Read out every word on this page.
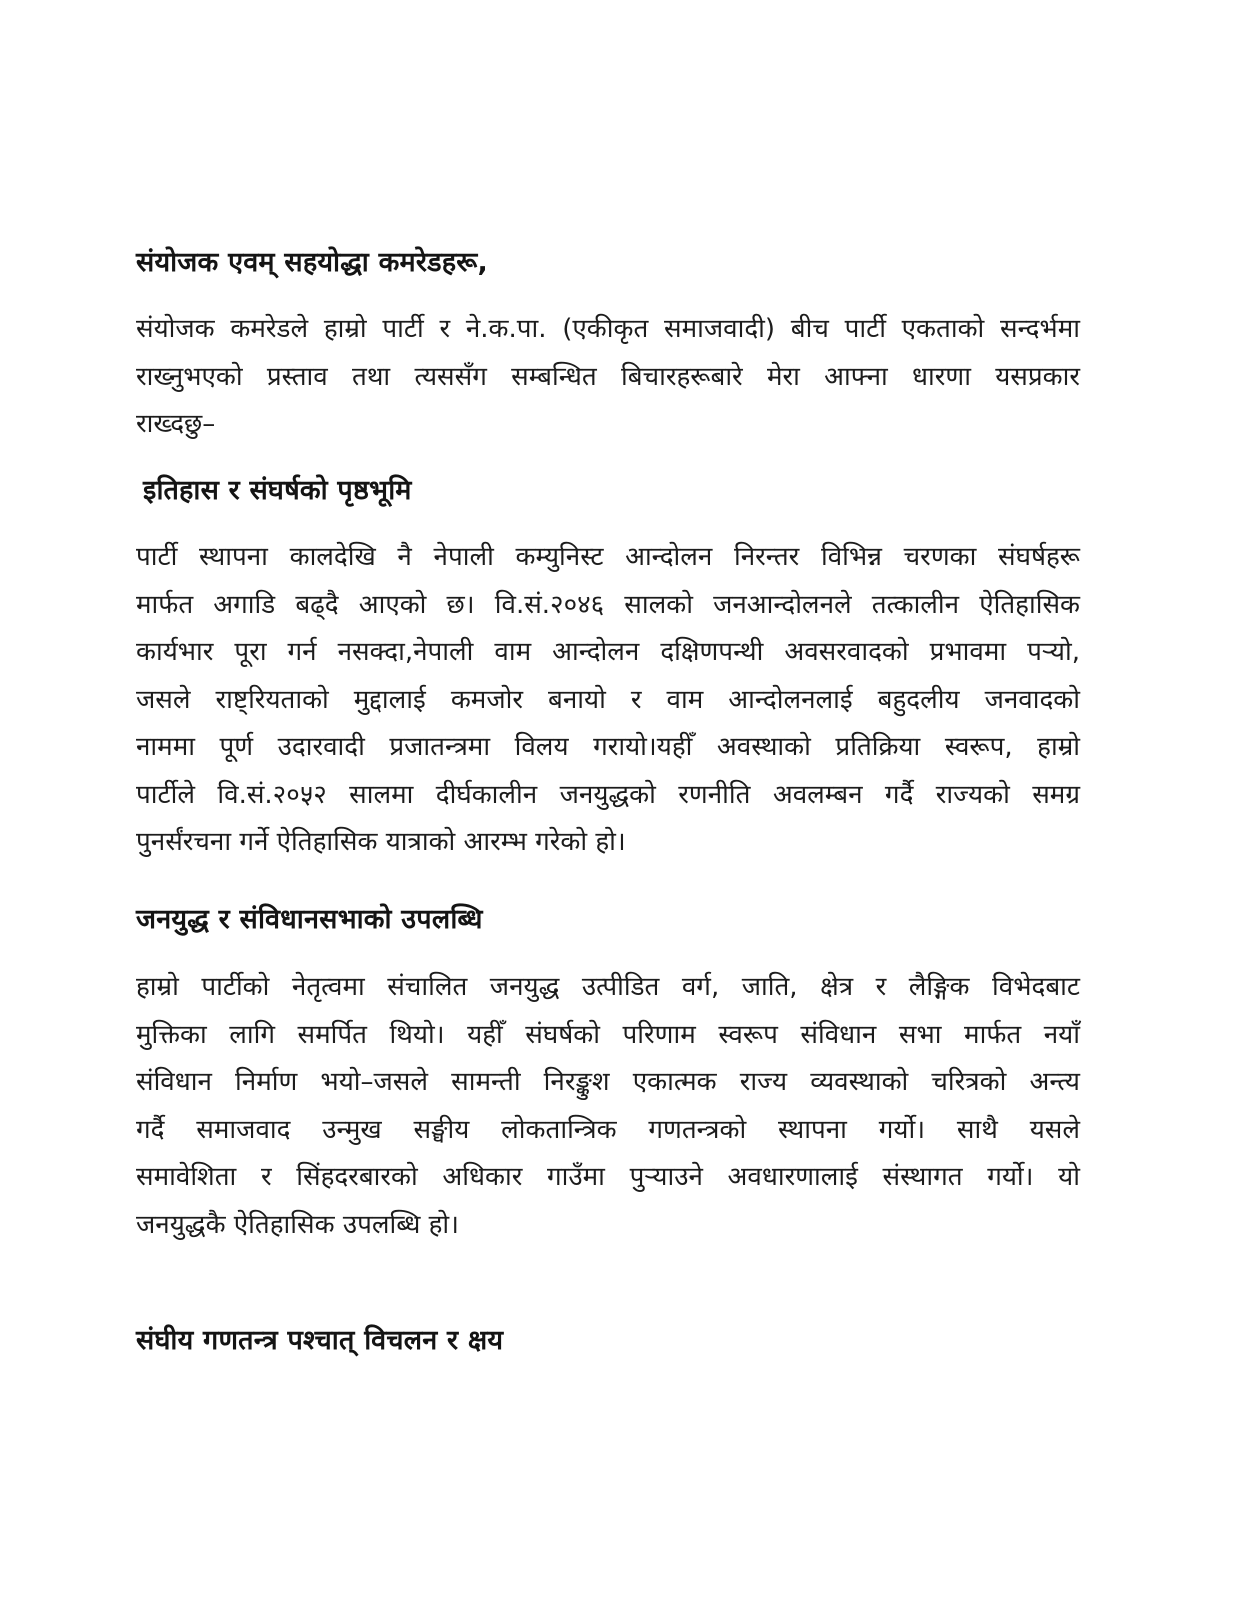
संयोजक एवम् सहयोद्धा कमरेडहरू,
संयोजक कमरेडले हाम्रो पार्टी र ने.क.पा. (एकीकृत समाजवादी) बीच पार्टी एकताको सन्दर्भमा
राख्नुभएको प्रस्ताव तथा त्यससँग सम्बन्धित बिचारहरूबारे मेरा आफ्ना धारणा यसप्रकार
राख्दछु–
इतिहास र संघर्षको पृष्ठभूमि
पार्टी स्थापना कालदेखि नै नेपाली कम्युनिस्ट आन्दोलन निरन्तर विभिन्न चरणका संघर्षहरू
मार्फत अगाडि बढ्दै आएको छ। वि.सं.२०४६ सालको जनआन्दोलनले तत्कालीन ऐतिहासिक
कार्यभार पूरा गर्न नसक्दा,नेपाली वाम आन्दोलन दक्षिणपन्थी अवसरवादको प्रभावमा पऱ्यो,
जसले राष्ट्रियताको मुद्दालाई कमजोर बनायो र वाम आन्दोलनलाई बहुदलीय जनवादको
नाममा पूर्ण उदारवादी प्रजातन्त्रमा विलय गरायो।यहीँ अवस्थाको प्रतिक्रिया स्वरूप, हाम्रो
पार्टीले वि.सं.२०५२ सालमा दीर्घकालीन जनयुद्धको रणनीति अवलम्बन गर्दै राज्यको समग्र
पुनर्संरचना गर्ने ऐतिहासिक यात्राको आरम्भ गरेको हो।
जनयुद्ध र संविधानसभाको उपलब्धि
हाम्रो पार्टीको नेतृत्वमा संचालित जनयुद्ध उत्पीडित वर्ग, जाति, क्षेत्र र लैङ्गिक विभेदबाट
मुक्तिका लागि समर्पित थियो। यहीँ संघर्षको परिणाम स्वरूप संविधान सभा मार्फत नयाँ
संविधान निर्माण भयो–जसले सामन्ती निरङ्कुश एकात्मक राज्य व्यवस्थाको चरित्रको अन्त्य
गर्दै समाजवाद उन्मुख सङ्घीय लोकतान्त्रिक गणतन्त्रको स्थापना गर्यो। साथै यसले
समावेशिता र सिंहदरबारको अधिकार गाउँमा पुऱ्याउने अवधारणालाई संस्थागत गर्यो। यो
जनयुद्धकै ऐतिहासिक उपलब्धि हो।
संघीय गणतन्त्र पश्चात् विचलन र क्षय
